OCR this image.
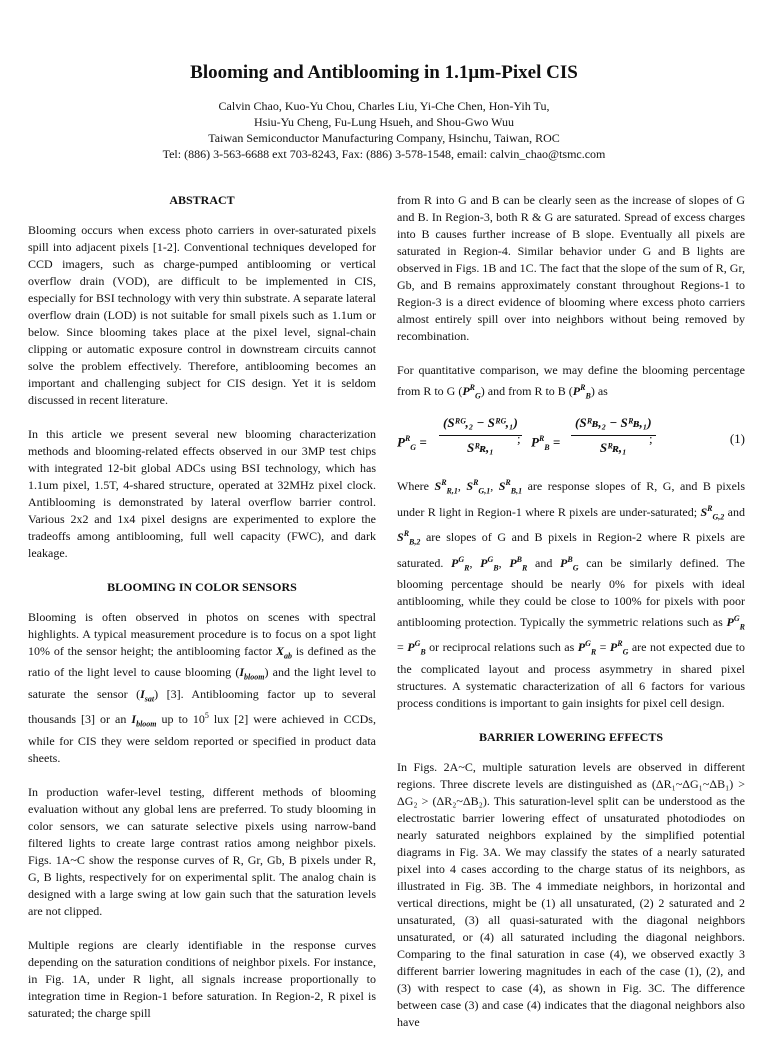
Blooming and Antiblooming in 1.1μm-Pixel CIS
Calvin Chao, Kuo-Yu Chou, Charles Liu, Yi-Che Chen, Hon-Yih Tu,
Hsiu-Yu Cheng, Fu-Lung Hsueh, and Shou-Gwo Wuu
Taiwan Semiconductor Manufacturing Company, Hsinchu, Taiwan, ROC
Tel: (886) 3-563-6688 ext 703-8243, Fax: (886) 3-578-1548, email: calvin_chao@tsmc.com
ABSTRACT

Blooming occurs when excess photo carriers in over-saturated pixels spill into adjacent pixels [1-2]. Conventional techniques developed for CCD imagers, such as charge-pumped antiblooming or vertical overflow drain (VOD), are difficult to be implemented in CIS, especially for BSI technology with very thin substrate. A separate lateral overflow drain (LOD) is not suitable for small pixels such as 1.1um or below. Since blooming takes place at the pixel level, signal-chain clipping or automatic exposure control in downstream circuits cannot solve the problem effectively. Therefore, antiblooming becomes an important and challenging subject for CIS design. Yet it is seldom discussed in recent literature.

In this article we present several new blooming characterization methods and blooming-related effects observed in our 3MP test chips with integrated 12-bit global ADCs using BSI technology, which has 1.1um pixel, 1.5T, 4-shared structure, operated at 32MHz pixel clock. Antiblooming is demonstrated by lateral overflow barrier control. Various 2x2 and 1x4 pixel designs are experimented to explore the tradeoffs among antiblooming, full well capacity (FWC), and dark leakage.

BLOOMING IN COLOR SENSORS

Blooming is often observed in photos on scenes with spectral highlights. A typical measurement procedure is to focus on a spot light 10% of the sensor height; the antiblooming factor $X_{ab}$ is defined as the ratio of the light level to cause blooming $(I_{bloom})$ and the light level to saturate the sensor $(I_{sat})$ [3]. Antiblooming factor up to several thousands [3] or an $I_{bloom}$ up to $10^5$ lux [2] were achieved in CCDs, while for CIS they were seldom reported or specified in product data sheets.

In production wafer-level testing, different methods of blooming evaluation without any global lens are preferred. To study blooming in color sensors, we can saturate selective pixels using narrow-band filtered lights to create large contrast ratios among neighbor pixels. Figs. 1A~C show the response curves of R, Gr, Gb, B pixels under R, G, B lights, respectively for on experimental split. The analog chain is designed with a large swing at low gain such that the saturation levels are not clipped.

Multiple regions are clearly identifiable in the response curves depending on the saturation conditions of neighbor pixels. For instance, in Fig. 1A, under R light, all signals increase proportionally to integration time in Region-1 before saturation. In Region-2, R pixel is saturated; the charge spill

from R into G and B can be clearly seen as the increase of slopes of G and B. In Region-3, both R & G are saturated. Spread of excess charges into B causes further increase of B slope. Eventually all pixels are saturated in Region-4. Similar behavior under G and B lights are observed in Figs. 1B and 1C. The fact that the slope of the sum of R, Gr, Gb, and B remains approximately constant throughout Regions-1 to Region-3 is a direct evidence of blooming where excess photo carriers almost entirely spill over into neighbors without being removed by recombination.

For quantitative comparison, we may define the blooming percentage from R to G $(P^R_G)$ and from R to B $(P^R_B)$ as

$P^R_G$ =
(Sᴿᴳ,₂ − Sᴿᴳ,₁)
Sᴿʀ,₁
; $P^R_B$ =
(Sᴿʙ,₂ − Sᴿʙ,₁)
Sᴿʀ,₁
;	(1)

Where $S^R_{R,1}$, $S^R_{G,1}$, $S^R_{B,1}$ are response slopes of R, G, and B pixels under R light in Region-1 where R pixels are under-saturated; $S^R_{G,2}$ and $S^R_{B,2}$ are slopes of G and B pixels in Region-2 where R pixels are saturated. $P^G_R$, $P^G_B$, $P^B_R$ and $P^B_G$ can be similarly defined. The blooming percentage should be nearly 0% for pixels with ideal antiblooming, while they could be close to 100% for pixels with poor antiblooming protection. Typically the symmetric relations such as $P^G_R = P^G_B$ or reciprocal relations such as $P^G_R = P^R_G$ are not expected due to the complicated layout and process asymmetry in shared pixel structures. A systematic characterization of all 6 factors for various process conditions is important to gain insights for pixel cell design.

BARRIER LOWERING EFFECTS

In Figs. 2A~C, multiple saturation levels are observed in different regions. Three discrete levels are distinguished as (ΔR₁~ΔG₁~ΔB₁) > ΔG₂ > (ΔR₂~ΔB₂). This saturation-level split can be understood as the electrostatic barrier lowering effect of unsaturated photodiodes on nearly saturated neighbors explained by the simplified potential diagrams in Fig. 3A. We may classify the states of a nearly saturated pixel into 4 cases according to the charge status of its neighbors, as illustrated in Fig. 3B. The 4 immediate neighbors, in horizontal and vertical directions, might be (1) all unsaturated, (2) 2 saturated and 2 unsaturated, (3) all quasi-saturated with the diagonal neighbors unsaturated, or (4) all saturated including the diagonal neighbors. Comparing to the final saturation in case (4), we observed exactly 3 different barrier lowering magnitudes in each of the case (1), (2), and (3) with respect to case (4), as shown in Fig. 3C. The difference between case (3) and case (4) indicates that the diagonal neighbors also have
